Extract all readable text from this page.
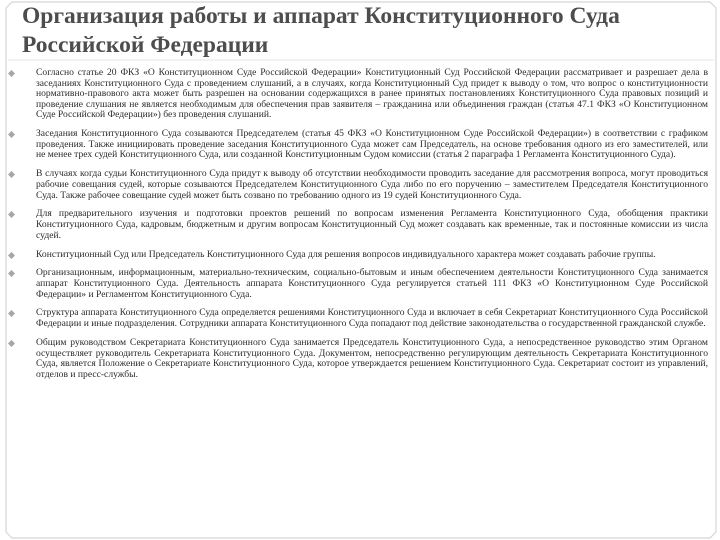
Организация работы и аппарат Конституционного Суда
Российской Федерации
Согласно статье 20 ФКЗ «О Конституционном Суде Российской Федерации» Конституционный Суд Российской Федерации рассматривает и разрешает дела в заседаниях Конституционного Суда с проведением слушаний, а в случаях, когда Конституционный Суд придет к выводу о том, что вопрос о конституционности нормативно-правового акта может быть разрешен на основании содержащихся в ранее принятых постановлениях Конституционного Суда правовых позиций и проведение слушания не является необходимым для обеспечения прав заявителя – гражданина или объединения граждан (статья 47.1 ФКЗ «О Конституционном Суде Российской Федерации») без проведения слушаний.
Заседания Конституционного Суда созываются Председателем (статья 45 ФКЗ «О Конституционном Суде Российской Федерации») в соответствии с графиком проведения. Также инициировать проведение заседания Конституционного Суда может сам Председатель, на основе требования одного из его заместителей, или не менее трех судей Конституционного Суда, или созданной Конституционным Судом комиссии (статья 2 параграфа 1 Регламента Конституционного Суда).
В случаях когда судьи Конституционного Суда придут к выводу об отсутствии необходимости проводить заседание для рассмотрения вопроса, могут проводиться рабочие совещания судей, которые созываются Председателем Конституционного Суда либо по его поручению – заместителем Председателя Конституционного Суда. Также рабочее совещание судей может быть созвано по требованию одного из 19 судей Конституционного Суда.
Для предварительного изучения и подготовки проектов решений по вопросам изменения Регламента Конституционного Суда, обобщения практики Конституционного Суда, кадровым, бюджетным и другим вопросам Конституционный Суд может создавать как временные, так и постоянные комиссии из числа судей.
Конституционный Суд или Председатель Конституционного Суда для решения вопросов индивидуального характера может создавать рабочие группы.
Организационным, информационным, материально-техническим, социально-бытовым и иным обеспечением деятельности Конституционного Суда занимается аппарат Конституционного Суда. Деятельность аппарата Конституционного Суда регулируется статьей 111 ФКЗ «О Конституционном Суде Российской Федерации» и Регламентом Конституционного Суда.
Структура аппарата Конституционного Суда определяется решениями Конституционного Суда и включает в себя Секретариат Конституционного Суда Российской Федерации и иные подразделения. Сотрудники аппарата Конституционного Суда попадают под действие законодательства о государственной гражданской службе.
Общим руководством Секретариата Конституционного Суда занимается Председатель Конституционного Суда, а непосредственное руководство этим Органом осуществляет руководитель Секретариата Конституционного Суда. Документом, непосредственно регулирующим деятельность Секретариата Конституционного Суда, является Положение о Секретариате Конституционного Суда, которое утверждается решением Конституционного Суда. Секретариат состоит из управлений, отделов и пресс-службы.
